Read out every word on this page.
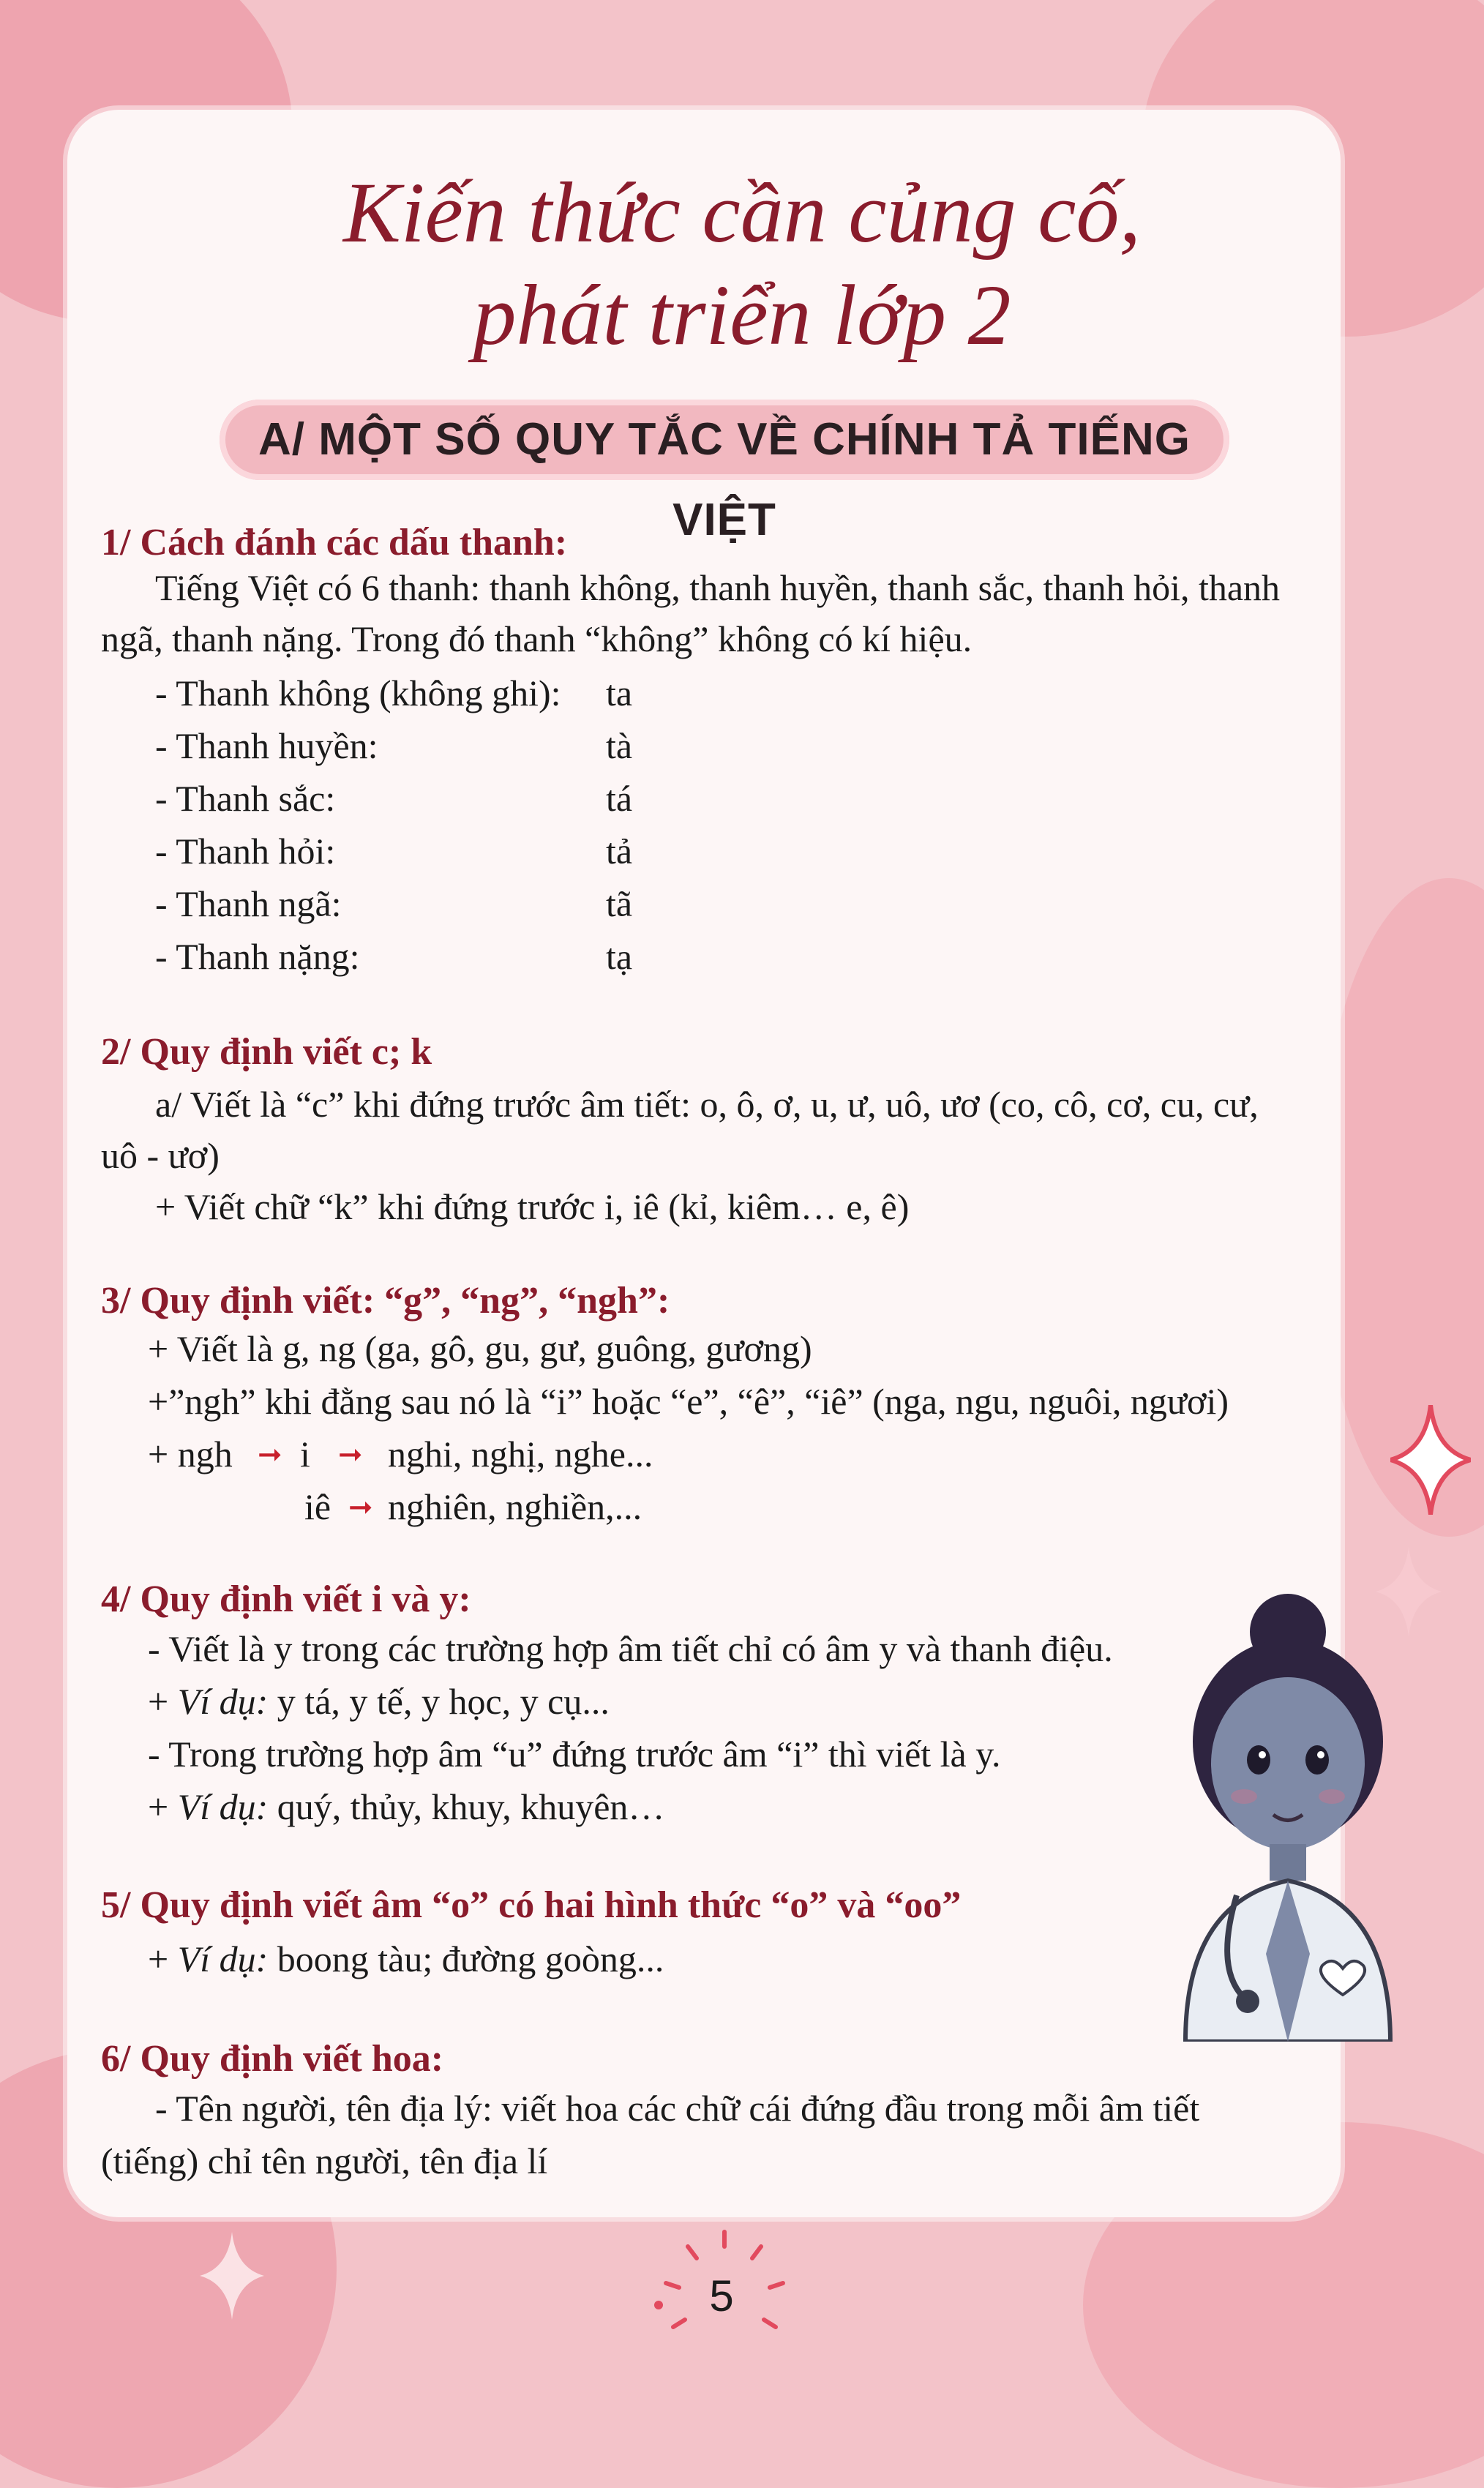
Kiến thức cần củng cố,
phát triển lớp 2
A/ MỘT SỐ QUY TẮC VỀ CHÍNH TẢ TIẾNG VIỆT
1/ Cách đánh các dấu thanh:
Tiếng Việt có 6 thanh: thanh không, thanh huyền, thanh sắc, thanh hỏi, thanh
ngã, thanh nặng. Trong đó thanh “không” không có kí hiệu.
- Thanh không (không ghi): ta
- Thanh huyền:	tà
- Thanh sắc:	tá
- Thanh hỏi:	tả
- Thanh ngã:	tã
- Thanh nặng:	tạ
2/ Quy định viết c; k
a/ Viết là “c” khi đứng trước âm tiết: o, ô, ơ, u, ư, uô, ươ (co, cô, cơ, cu, cư,
uô - ươ)
+ Viết chữ “k” khi đứng trước i, iê (kỉ, kiêm… e, ê)
3/ Quy định viết: “g”, “ng”, “ngh”:
+ Viết là g, ng (ga, gô, gu, gư, guông, gương)
+”ngh” khi đằng sau nó là “i” hoặc “e”, “ê”, “iê” (nga, ngu, nguôi, ngươi)
+ ngh ➞ i ➞ nghi, nghị, nghe...
iê ➞ nghiên, nghiền,...
4/ Quy định viết i và y:
- Viết là y trong các trường hợp âm tiết chỉ có âm y và thanh điệu.
+ Ví dụ: y tá, y tế, y học, y cụ...
- Trong trường hợp âm “u” đứng trước âm “i” thì viết là y.
+ Ví dụ: quý, thủy, khuy, khuyên…
5/ Quy định viết âm “o” có hai hình thức “o” và “oo”
+ Ví dụ: boong tàu; đường goòng...
6/ Quy định viết hoa:
- Tên người, tên địa lý: viết hoa các chữ cái đứng đầu trong mỗi âm tiết
(tiếng) chỉ tên người, tên địa lí
5
